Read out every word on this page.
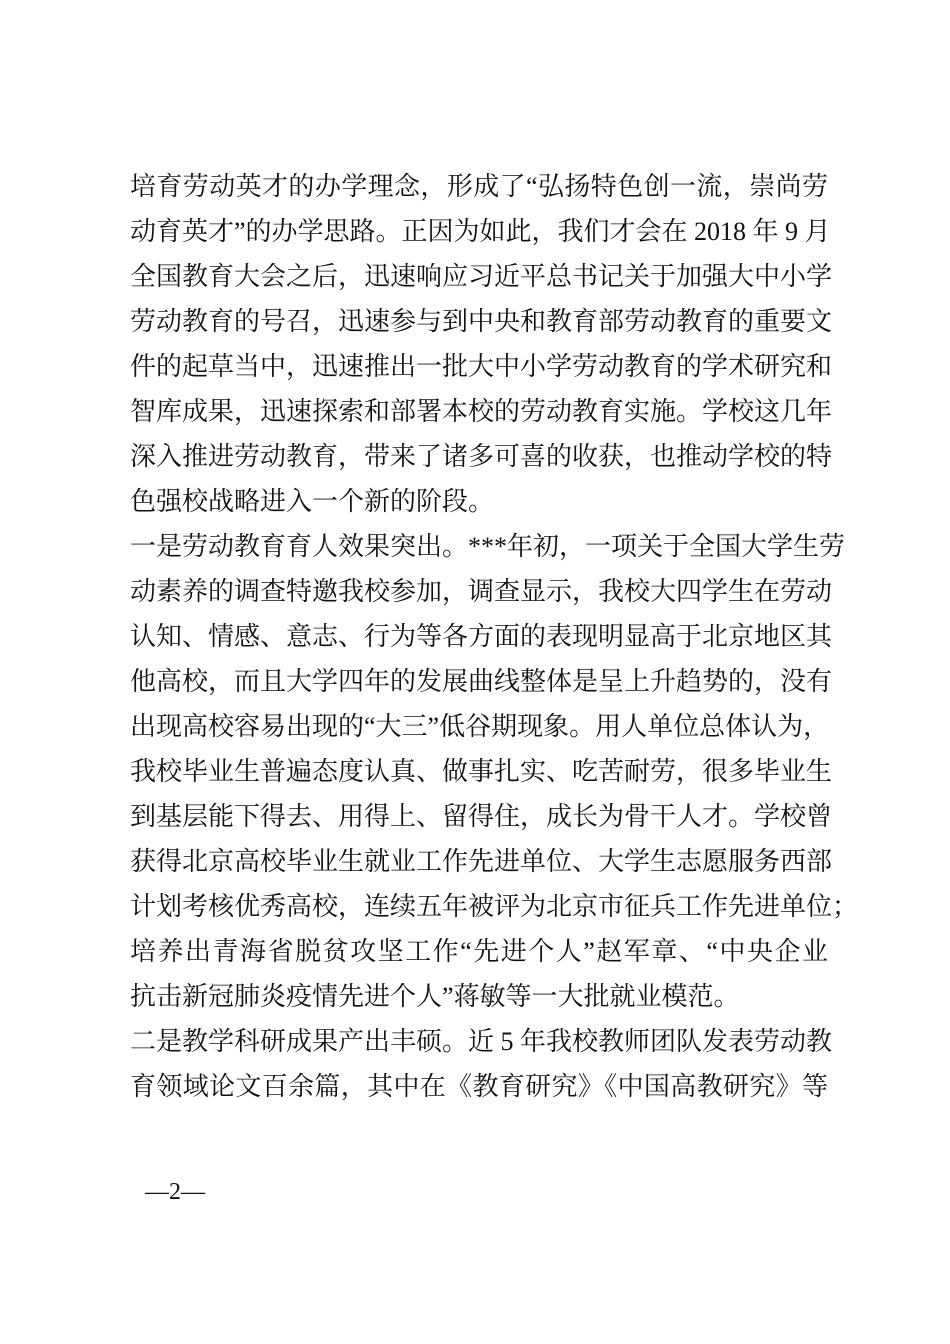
培育劳动英才的办学理念，形成了“弘扬特色创一流，崇尚劳
动育英才”的办学思路。正因为如此，我们才会在 2018 年 9 月
全国教育大会之后，迅速响应习近平总书记关于加强大中小学
劳动教育的号召，迅速参与到中央和教育部劳动教育的重要文
件的起草当中，迅速推出一批大中小学劳动教育的学术研究和
智库成果，迅速探索和部署本校的劳动教育实施。学校这几年
深入推进劳动教育，带来了诸多可喜的收获，也推动学校的特
色强校战略进入一个新的阶段。
一是劳动教育育人效果突出。***年初，一项关于全国大学生劳
动素养的调查特邀我校参加，调查显示，我校大四学生在劳动
认知、情感、意志、行为等各方面的表现明显高于北京地区其
他高校，而且大学四年的发展曲线整体是呈上升趋势的，没有
出现高校容易出现的“大三”低谷期现象。用人单位总体认为，
我校毕业生普遍态度认真、做事扎实、吃苦耐劳，很多毕业生
到基层能下得去、用得上、留得住，成长为骨干人才。学校曾
获得北京高校毕业生就业工作先进单位、大学生志愿服务西部
计划考核优秀高校，连续五年被评为北京市征兵工作先进单位；
培养出青海省脱贫攻坚工作“先进个人”赵军章、“中央企业
抗击新冠肺炎疫情先进个人”蒋敏等一大批就业模范。
二是教学科研成果产出丰硕。近 5 年我校教师团队发表劳动教
育领域论文百余篇，其中在《教育研究》《中国高教研究》等
—2—
